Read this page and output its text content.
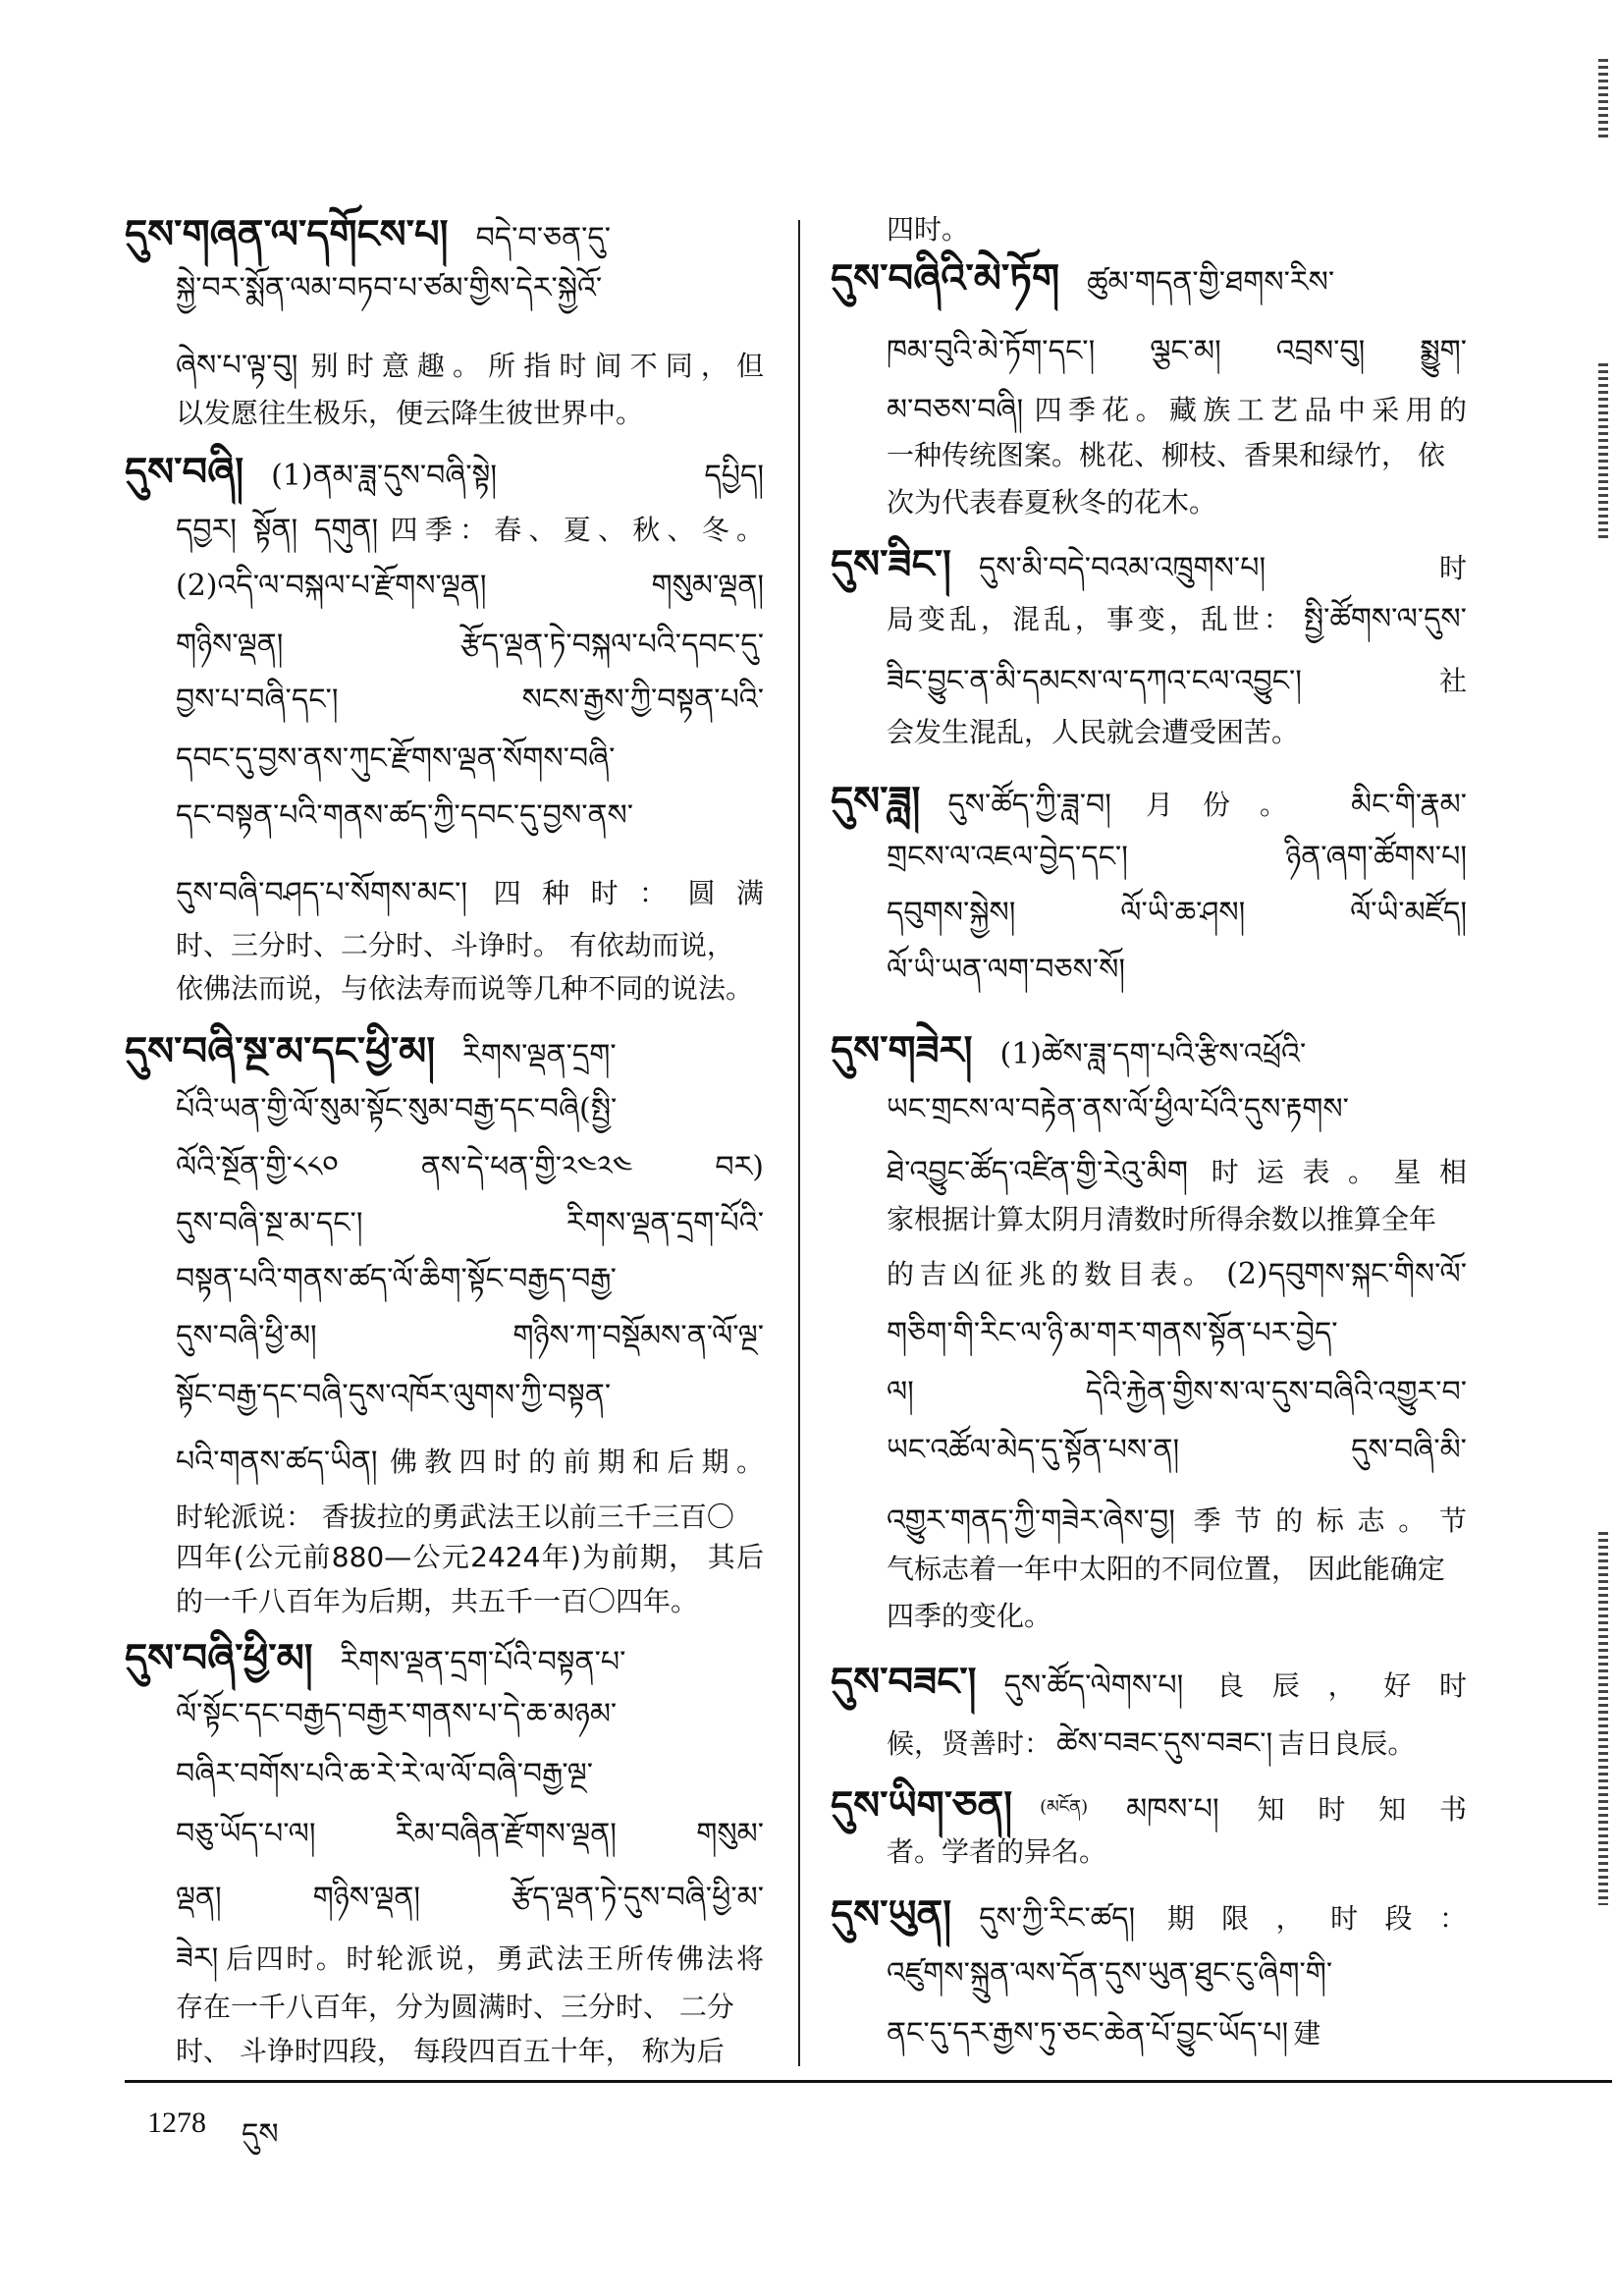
དུས་གཞན་ལ་དགོངས་པ། བདེ་བ་ཅན་དུ་
སྐྱེ་བར་སྨོན་ལམ་བཏབ་པ་ཙམ་གྱིས་དེར་སྐྱེའོ་
ཞེས་པ་ལྟ་བུ། 别时意趣。所指时间不同，但
以发愿往生极乐，便云降生彼世界中。
དུས་བཞི། (1)ནམ་ཟླ་དུས་བཞི་སྟེ། དཔྱིད།
དབྱར། སྟོན། དགུན། 四季：春、夏、秋、冬。
(2)འདི་ལ་བསྐལ་པ་རྫོགས་ལྡན། གསུམ་ལྡན།
གཉིས་ལྡན། རྩོད་ལྡན་ཏེ་བསྐལ་པའི་དབང་དུ་
བྱས་པ་བཞི་དང་། སངས་རྒྱས་ཀྱི་བསྟན་པའི་
དབང་དུ་བྱས་ནས་ཀུང་རྫོགས་ལྡན་སོགས་བཞི་
དང་བསྟན་པའི་གནས་ཚད་ཀྱི་དབང་དུ་བྱས་ནས་
དུས་བཞི་བཤད་པ་སོགས་མང་། 四种时：圆满
时、三分时、二分时、斗诤时。 有依劫而说，
依佛法而说，与依法寿而说等几种不同的说法。
དུས་བཞི་སྔ་མ་དང་ཕྱི་མ། རིགས་ལྡན་དྲག་
པོའི་ཡན་གྱི་ལོ་སུམ་སྟོང་སུམ་བརྒྱ་དང་བཞི(སྤྱི་
ལོའི་སྔོན་གྱི་༨༨༠ ནས་དེ་ཕན་གྱི་༢༤༢༤ བར)
དུས་བཞི་སྔ་མ་དང་། རིགས་ལྡན་དྲག་པོའི་
བསྟན་པའི་གནས་ཚད་ལོ་ཆིག་སྟོང་བརྒྱད་བརྒྱ་
དུས་བཞི་ཕྱི་མ། གཉིས་ཀ་བསྡོམས་ན་ལོ་ལྔ་
སྟོང་བརྒྱ་དང་བཞི་དུས་འཁོར་ལུགས་ཀྱི་བསྟན་
པའི་གནས་ཚད་ཡིན། 佛教四时的前期和后期。
时轮派说： 香拔拉的勇武法王以前三千三百〇
四年(公元前880—公元2424年)为前期， 其后
的一千八百年为后期，共五千一百〇四年。
དུས་བཞི་ཕྱི་མ། རིགས་ལྡན་དྲག་པོའི་བསྟན་པ་
ལོ་སྟོང་དང་བརྒྱད་བརྒྱར་གནས་པ་དེ་ཆ་མཉམ་
བཞིར་བགོས་པའི་ཆ་རེ་རེ་ལ་ལོ་བཞི་བརྒྱ་ལྔ་
བཅུ་ཡོད་པ་ལ། རིམ་བཞིན་རྫོགས་ལྡན། གསུམ་
ལྡན། གཉིས་ལྡན། རྩོད་ལྡན་ཏེ་དུས་བཞི་ཕྱི་མ་
ཟེར། 后四时。时轮派说，勇武法王所传佛法将
存在一千八百年，分为圆满时、三分时、 二分
时、 斗诤时四段， 每段四百五十年， 称为后
四时。
དུས་བཞིའི་མེ་ཏོག ཚུམ་གདན་གྱི་ཐགས་རིས་
ཁམ་བུའི་མེ་ཏོག་དང་། ལྕང་མ། འབྲས་བུ། སྨྱུག་
མ་བཅས་བཞི། 四季花。藏族工艺品中采用的
一种传统图案。桃花、柳枝、香果和绿竹， 依
次为代表春夏秋冬的花木。
དུས་ཟིང་། དུས་མི་བདེ་བའམ་འཁྲུགས་པ།	时
局变乱，混乱，事变，乱世： སྤྱི་ཚོགས་ལ་དུས་
ཟིང་བྱུང་ན་མི་དམངས་ལ་དཀའ་ངལ་འབྱུང་།	社
会发生混乱，人民就会遭受困苦。
དུས་ཟླ། དུས་ཚོད་ཀྱི་ཟླ་བ། 月份。 མིང་གི་རྣམ་
གྲངས་ལ་འཇལ་བྱེད་དང་། ཉིན་ཞག་ཚོགས་པ།
དབུགས་སྐྱེས། ལོ་ཡི་ཆ་ཤས། ལོ་ཡི་མཛོད།
ལོ་ཡི་ཡན་ལག་བཅས་སོ།
དུས་གཟེར། (1)ཚེས་ཟླ་དག་པའི་རྩིས་འཕྲོའི་
ཡང་གྲངས་ལ་བརྟེན་ནས་ལོ་ཕྱིལ་པོའི་དུས་རྟགས་
ཐེ་འབྱུང་ཚོད་འཛིན་གྱི་རེའུ་མིག 时运表。星相
家根据计算太阴月清数时所得余数以推算全年
的吉凶征兆的数目表。 (2)དབུགས་སྐང་གིས་ལོ་
གཅིག་གི་རིང་ལ་ཉི་མ་གར་གནས་སྟོན་པར་བྱེད་
ལ། དེའི་རྐྱེན་གྱིས་ས་ལ་དུས་བཞིའི་འགྱུར་བ་
ཡང་འཚོལ་མེད་དུ་སྟོན་པས་ན། དུས་བཞི་མི་
འགྱུར་གནད་ཀྱི་གཟེར་ཞེས་བྱ། 季节的标志。节
气标志着一年中太阳的不同位置， 因此能确定
四季的变化。
དུས་བཟང་། དུས་ཚོད་ལེགས་པ། 良辰，好时
候，贤善时： ཚེས་བཟང་དུས་བཟང་། 吉日良辰。
དུས་ཡིག་ཅན། (མངོན) མཁས་པ། 知时知书
者。学者的异名。
དུས་ཡུན། དུས་ཀྱི་རིང་ཚད། 期限，时段：
འཛུགས་སྐྲུན་ལས་དོན་དུས་ཡུན་ཐུང་ངུ་ཞིག་གི་
ནང་དུ་དར་རྒྱས་ཏུ་ཅང་ཆེན་པོ་བྱུང་ཡོད་པ། 建
1278 དུས
